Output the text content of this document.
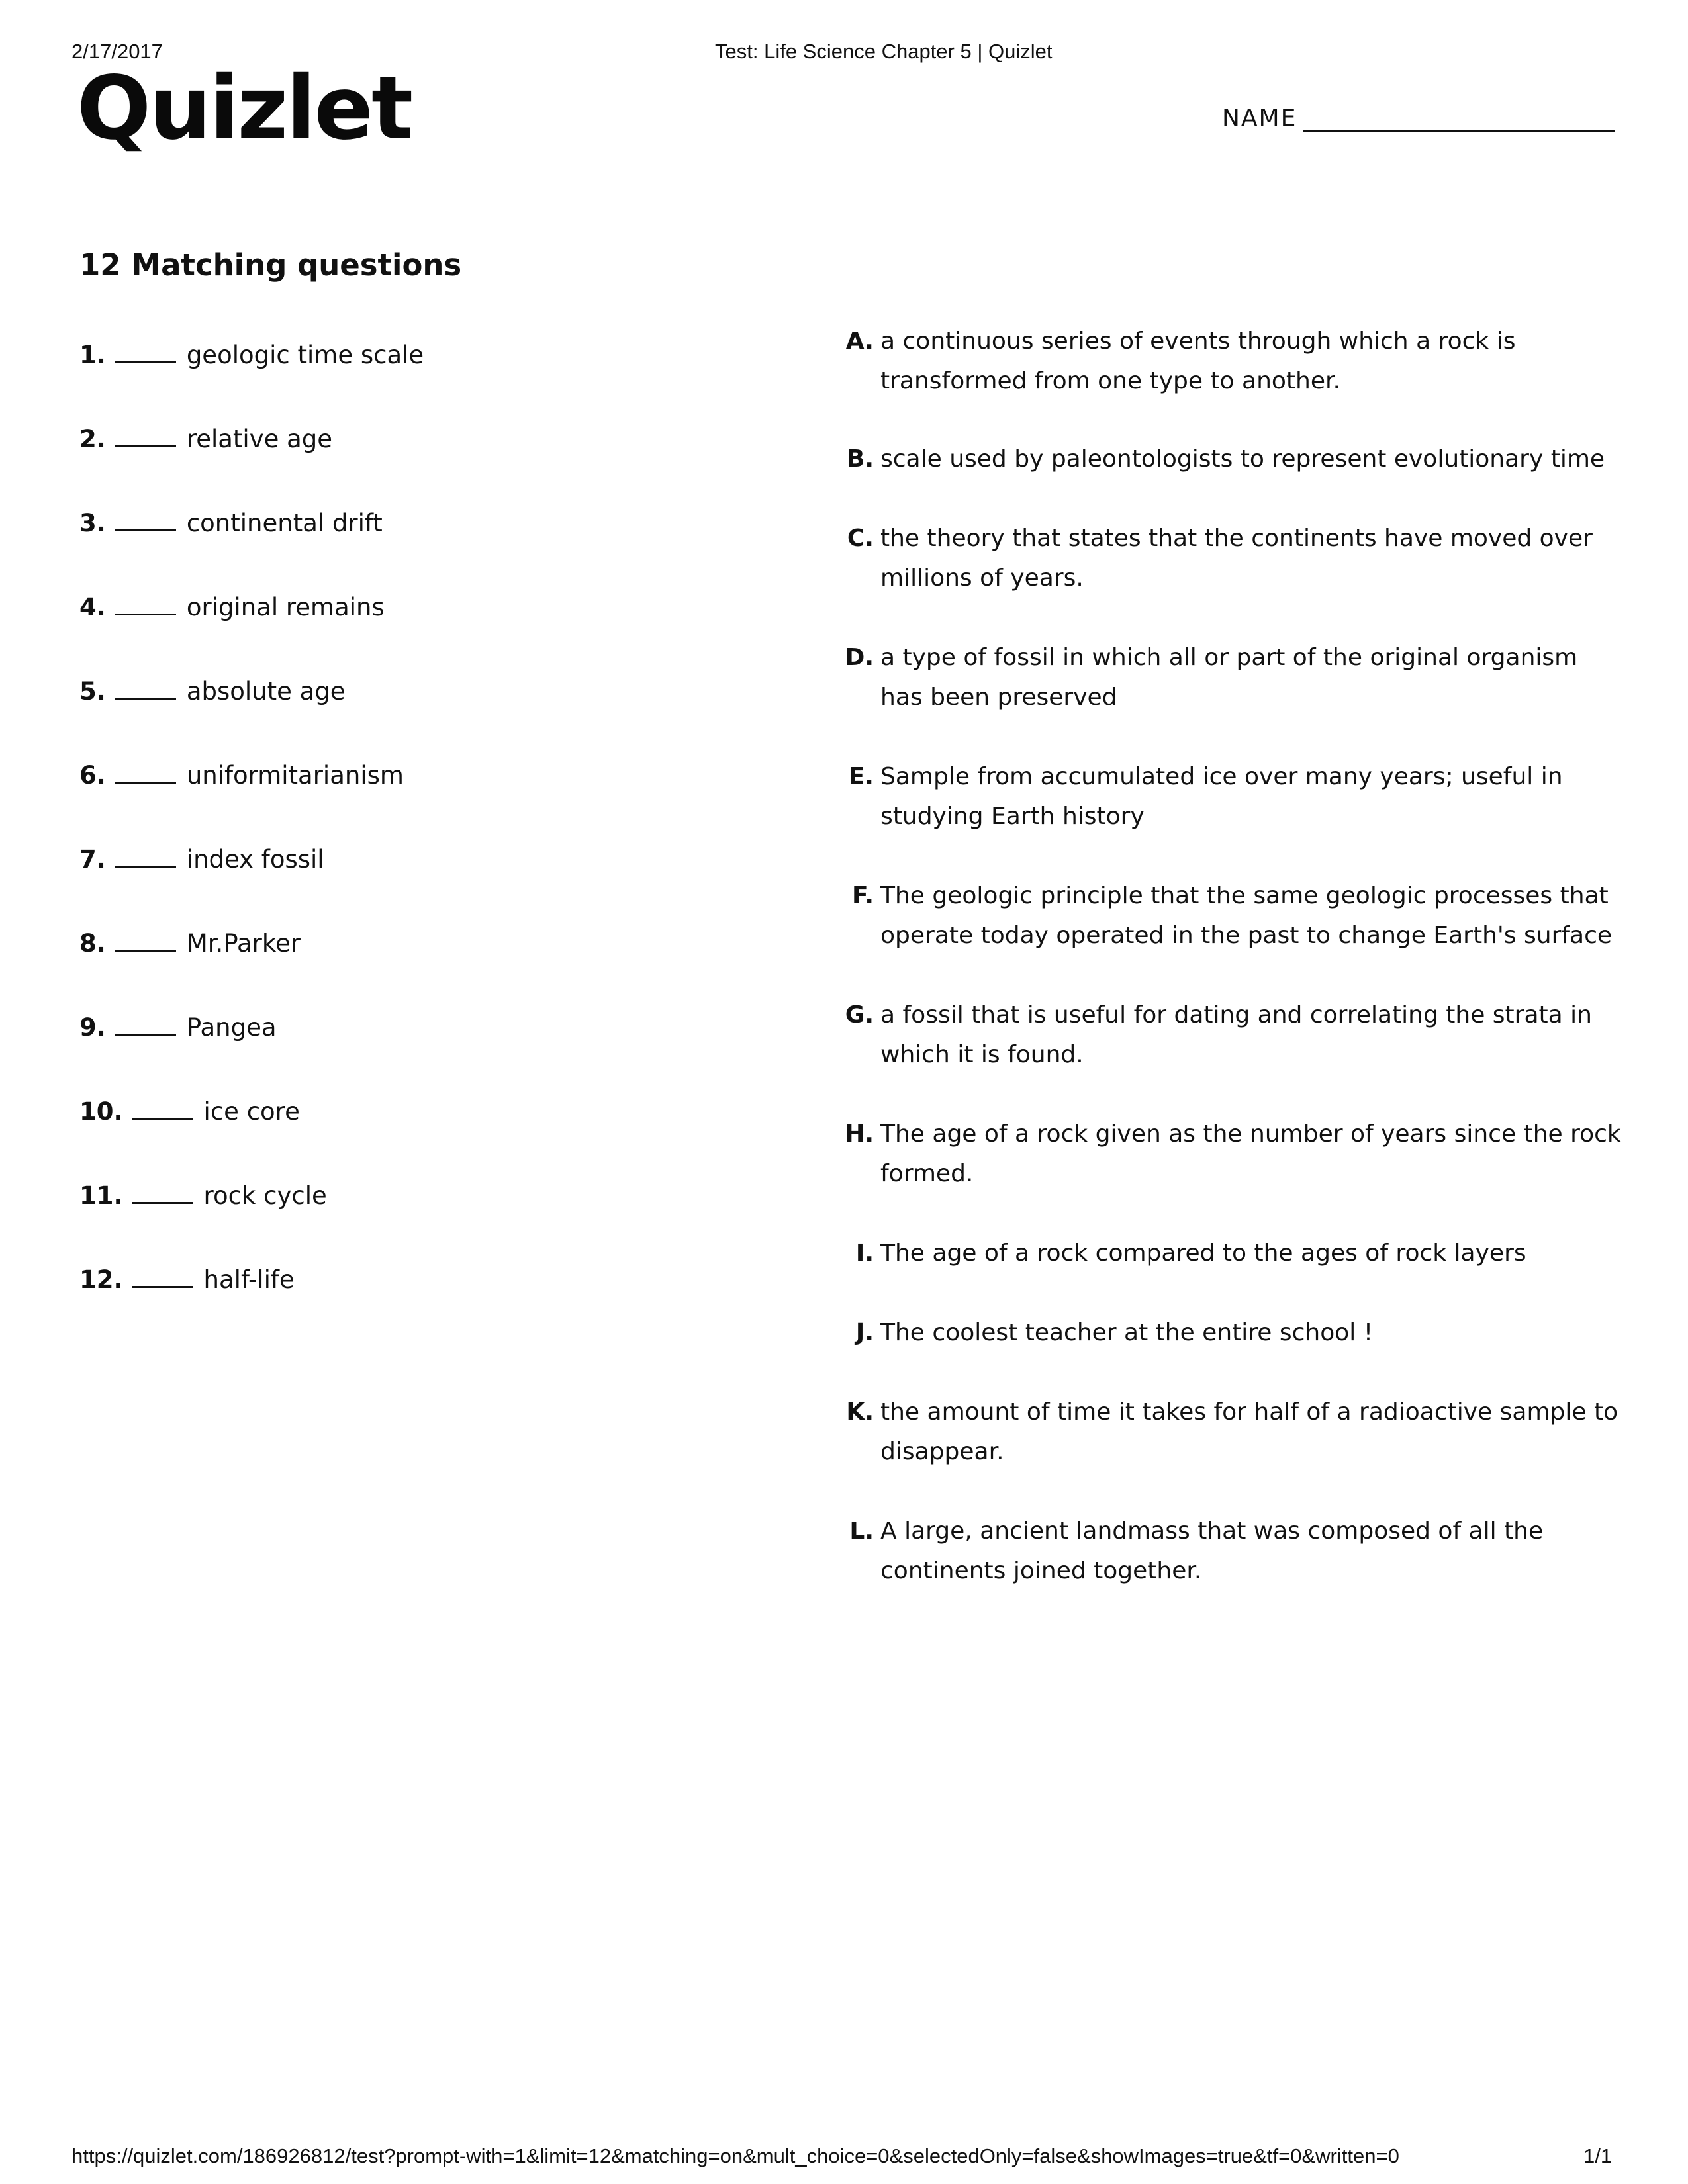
2/17/2017	Test: Life Science Chapter 5 | Quizlet
Quizlet	NAME
12 Matching questions
1.	geologic time scale
2.	relative age
3.	continental drift
4.	original remains
5.	absolute age
6.	uniformitarianism
7.	index fossil
8.	Mr.Parker
9.	Pangea
10.	ice core
11.	rock cycle
12.	half-life
A. a continuous series of events through which a rock is transformed from one type to another.
B. scale used by paleontologists to represent evolutionary time
C. the theory that states that the continents have moved over millions of years.
D. a type of fossil in which all or part of the original organism has been preserved
E. Sample from accumulated ice over many years; useful in studying Earth history
F. The geologic principle that the same geologic processes that operate today operated in the past to change Earth's surface
G. a fossil that is useful for dating and correlating the strata in which it is found.
H. The age of a rock given as the number of years since the rock formed.
I. The age of a rock compared to the ages of rock layers
J. The coolest teacher at the entire school !
K. the amount of time it takes for half of a radioactive sample to disappear.
L. A large, ancient landmass that was composed of all the continents joined together.
https://quizlet.com/186926812/test?prompt-with=1&limit=12&matching=on&mult_choice=0&selectedOnly=false&showImages=true&tf=0&written=0	1/1
